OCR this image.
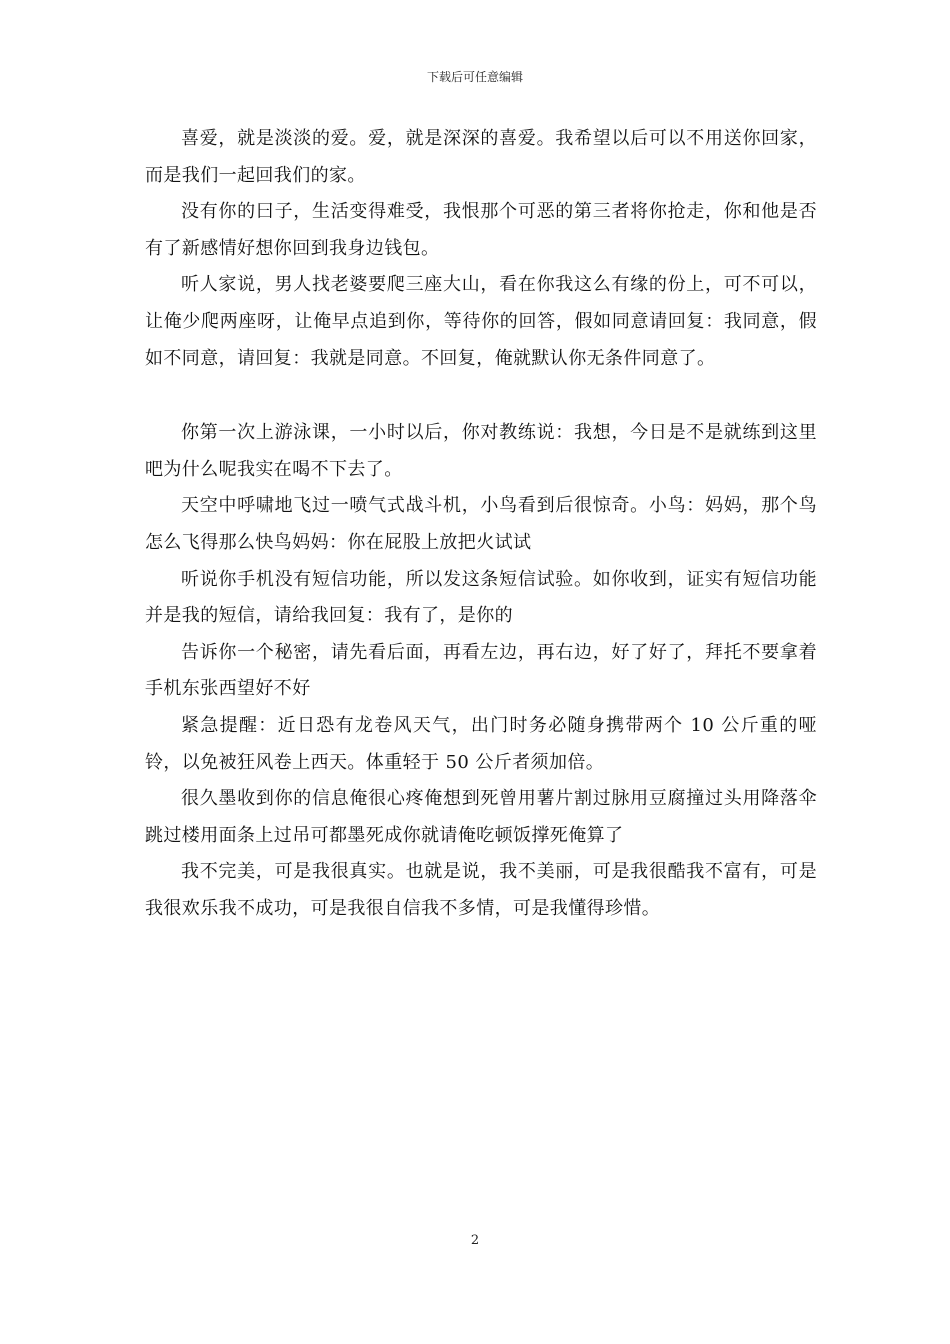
下载后可任意编辑

喜爱，就是淡淡的爱。爱，就是深深的喜爱。我希望以后可以不用送你回家，而是我们一起回我们的家。

没有你的曰子，生活变得难受，我恨那个可恶的第三者将你抢走，你和他是否有了新感情好想你回到我身边钱包。

听人家说，男人找老婆要爬三座大山，看在你我这么有缘的份上，可不可以，让俺少爬两座呀，让俺早点追到你，等待你的回答，假如同意请回复：我同意，假如不同意，请回复：我就是同意。不回复，俺就默认你无条件同意了。

你第一次上游泳课，一小时以后，你对教练说：我想，今日是不是就练到这里吧为什么呢我实在喝不下去了。

天空中呼啸地飞过一喷气式战斗机，小鸟看到后很惊奇。小鸟：妈妈，那个鸟怎么飞得那么快鸟妈妈：你在屁股上放把火试试

听说你手机没有短信功能，所以发这条短信试验。如你收到，证实有短信功能并是我的短信，请给我回复：我有了，是你的

告诉你一个秘密，请先看后面，再看左边，再右边，好了好了，拜托不要拿着手机东张西望好不好

紧急提醒：近日恐有龙卷风天气，出门时务必随身携带两个 10 公斤重的哑铃，以免被狂风卷上西天。体重轻于 50 公斤者须加倍。

很久墨收到你的信息俺很心疼俺想到死曾用薯片割过脉用豆腐撞过头用降落伞跳过楼用面条上过吊可都墨死成你就请俺吃顿饭撑死俺算了

我不完美，可是我很真实。也就是说，我不美丽，可是我很酷我不富有，可是我很欢乐我不成功，可是我很自信我不多情，可是我懂得珍惜。

2
